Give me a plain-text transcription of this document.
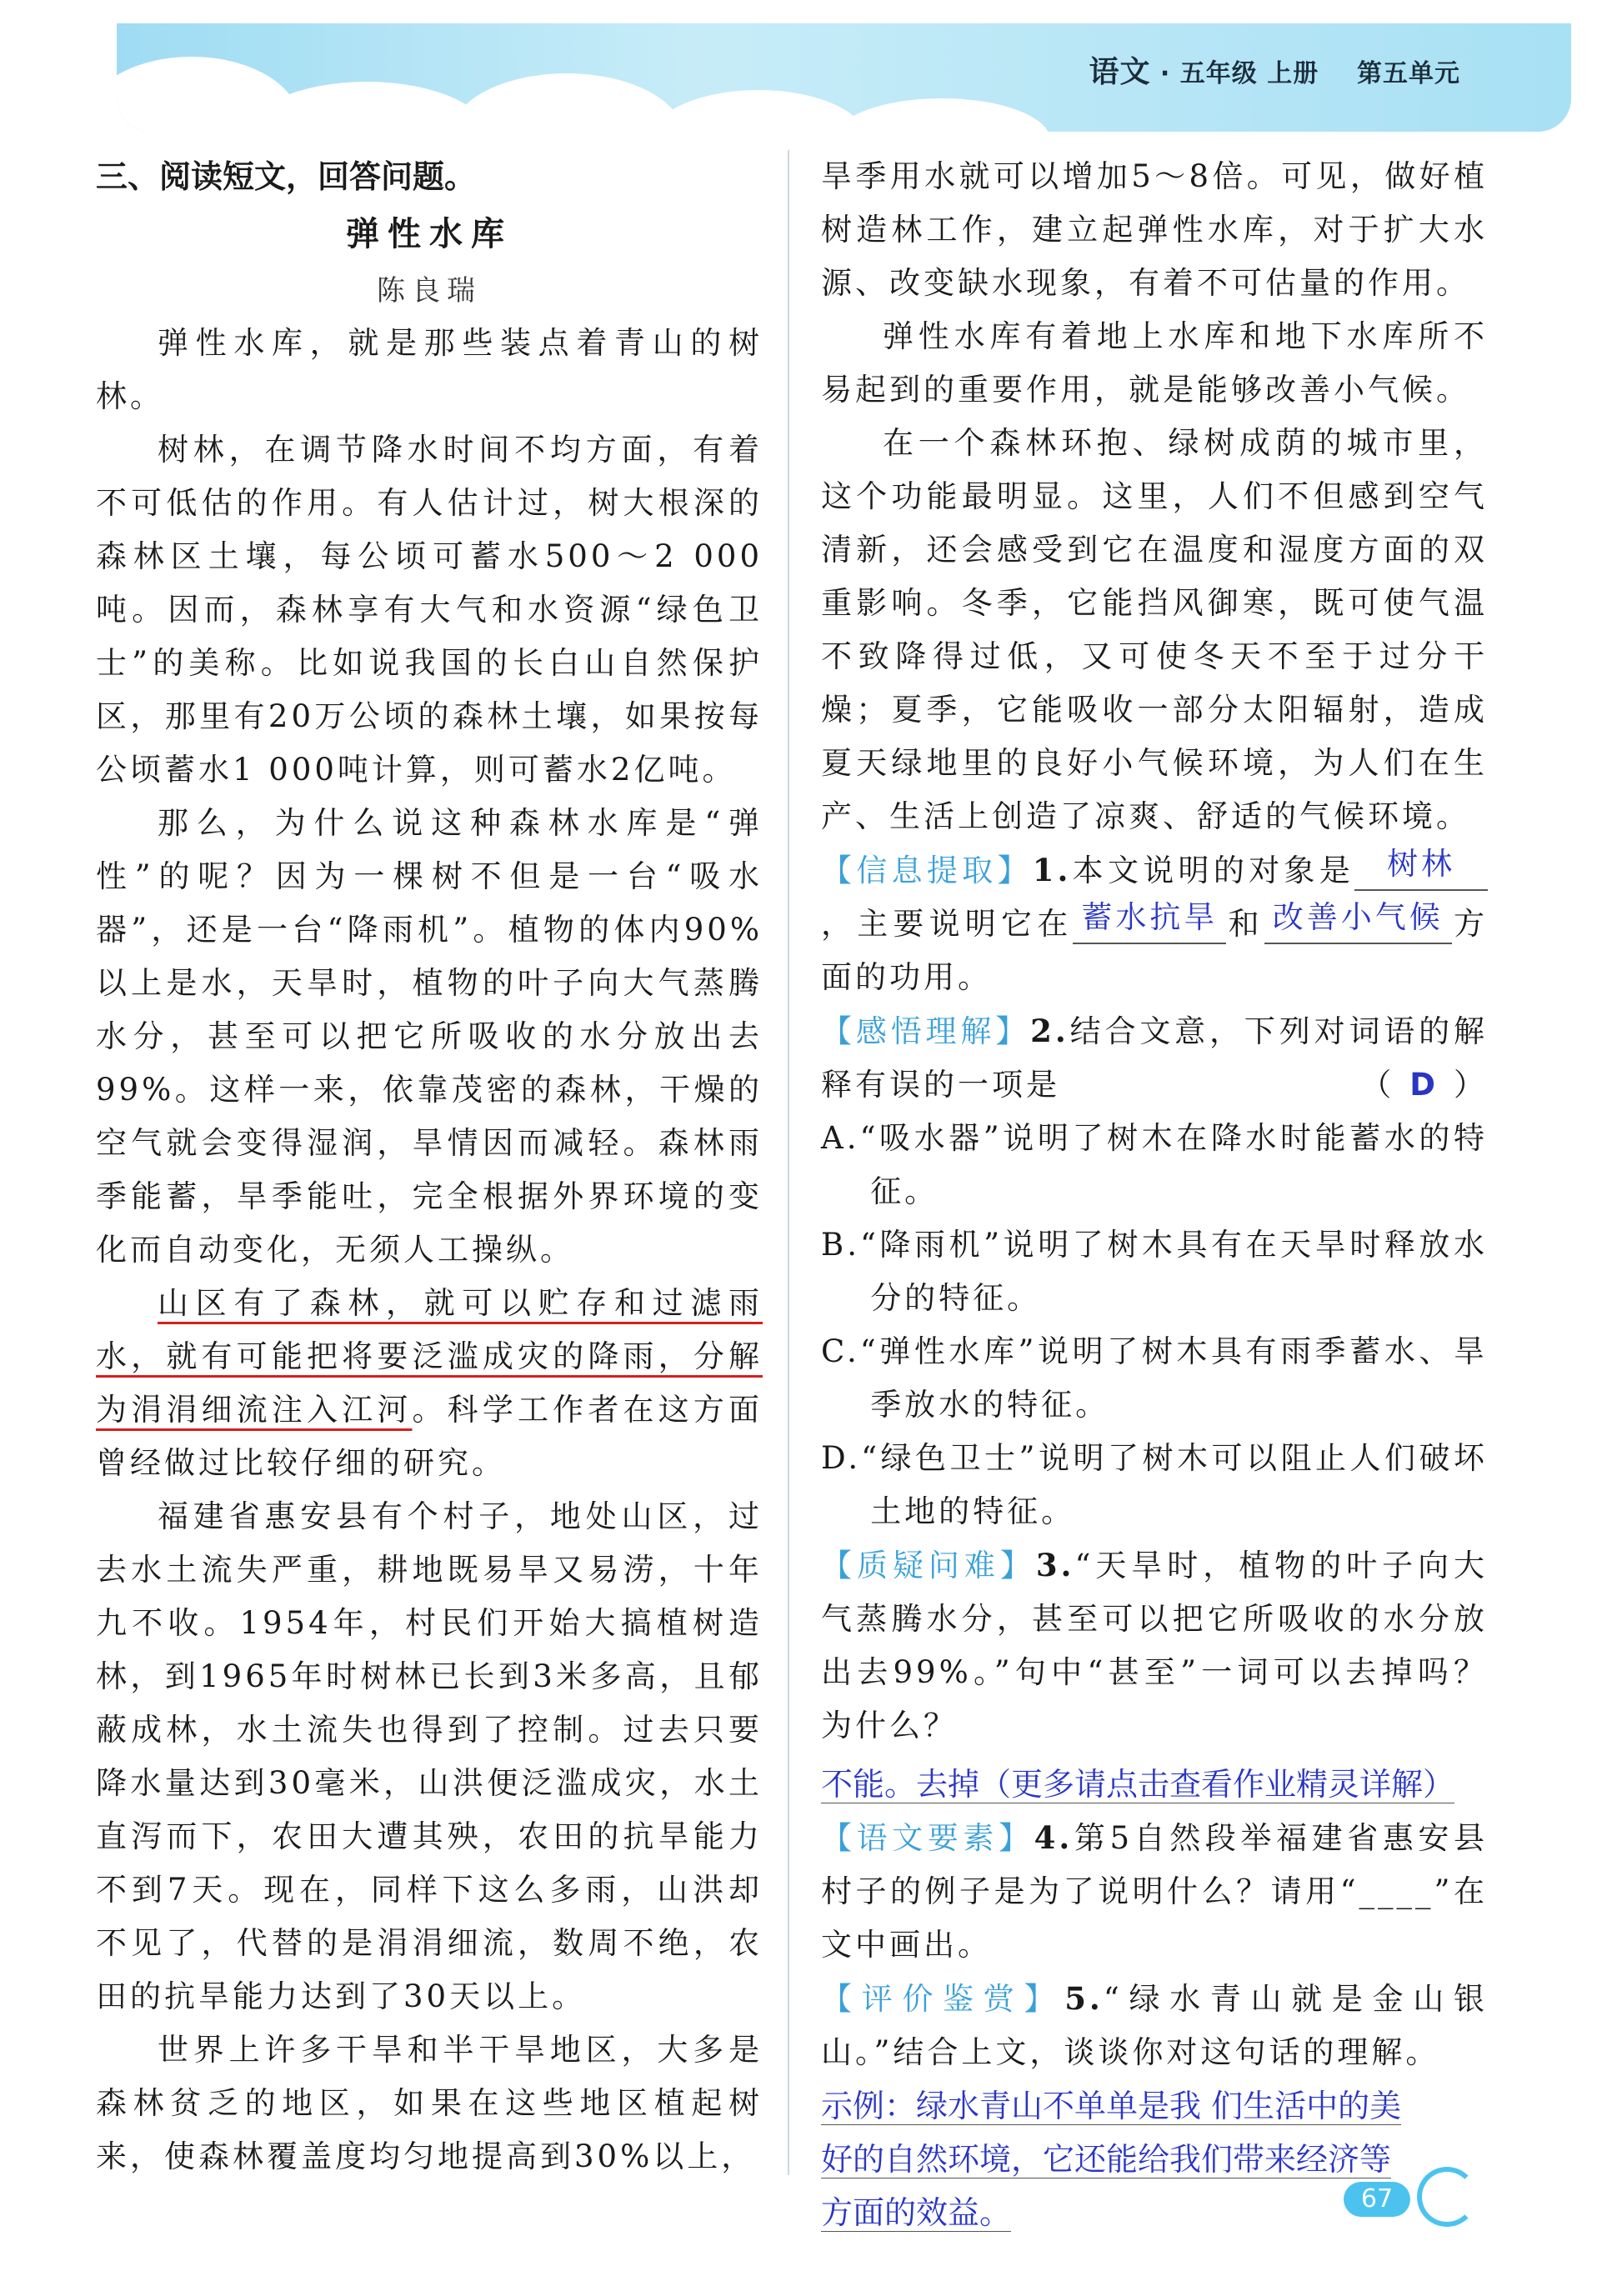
语文 · 五年级 上册 第五单元
三、阅读短文，回答问题。
弹性水库
陈良瑞

弹性水库，就是那些装点着青山的树林。

树林，在调节降水时间不均方面，有着不可低估的作用。有人估计过，树大根深的森林区土壤，每公顷可蓄水500～2 000吨。因而，森林享有大气和水资源“绿色卫士”的美称。比如说我国的长白山自然保护区，那里有20万公顷的森林土壤，如果按每公顷蓄水1 000吨计算，则可蓄水2亿吨。

那么，为什么说这种森林水库是“弹性”的呢？因为一棵树不但是一台“吸水器”，还是一台“降雨机”。植物的体内90%以上是水，天旱时，植物的叶子向大气蒸腾水分，甚至可以把它所吸收的水分放出去99%。这样一来，依靠茂密的森林，干燥的空气就会变得湿润，旱情因而减轻。森林雨季能蓄，旱季能吐，完全根据外界环境的变化而自动变化，无须人工操纵。

山区有了森林，就可以贮存和过滤雨水，就有可能把将要泛滥成灾的降雨，分解为涓涓细流注入江河。科学工作者在这方面曾经做过比较仔细的研究。

福建省惠安县有个村子，地处山区，过去水土流失严重，耕地既易旱又易涝，十年九不收。1954年，村民们开始大搞植树造林，到1965年时树林已长到3米多高，且郁蔽成林，水土流失也得到了控制。过去只要降水量达到30毫米，山洪便泛滥成灾，水土直泻而下，农田大遭其殃，农田的抗旱能力不到7天。现在，同样下这么多雨，山洪却不见了，代替的是涓涓细流，数周不绝，农田的抗旱能力达到了30天以上。

世界上许多干旱和半干旱地区，大多是森林贫乏的地区，如果在这些地区植起树来，使森林覆盖度均匀地提高到30%以上，

旱季用水就可以增加5～8倍。可见，做好植树造林工作，建立起弹性水库，对于扩大水源、改变缺水现象，有着不可估量的作用。

弹性水库有着地上水库和地下水库所不易起到的重要作用，就是能够改善小气候。

在一个森林环抱、绿树成荫的城市里，这个功能最明显。这里，人们不但感到空气清新，还会感受到它在温度和湿度方面的双重影响。冬季，它能挡风御寒，既可使气温不致降得过低，又可使冬天不至于过分干燥；夏季，它能吸收一部分太阳辐射，造成夏天绿地里的良好小气候环境，为人们在生产、生活上创造了凉爽、舒适的气候环境。

【信息提取】1.本文说明的对象是 树林，主要说明它在 蓄水抗旱 和 改善小气候 方面的功用。

【感悟理解】2.结合文意，下列对词语的解释有误的一项是	（ D ）

A.“吸水器”说明了树木在降水时能蓄水的特征。

B.“降雨机”说明了树木具有在天旱时释放水分的特征。

C.“弹性水库”说明了树木具有雨季蓄水、旱季放水的特征。

D.“绿色卫士”说明了树木可以阻止人们破坏土地的特征。

【质疑问难】3.“天旱时，植物的叶子向大气蒸腾水分，甚至可以把它所吸收的水分放出去99%。”句中“甚至”一词可以去掉吗？为什么？

不能。去掉（更多请点击查看作业精灵详解）

【语文要素】4.第5自然段举福建省惠安县村子的例子是为了说明什么？请用“____”在文中画出。

【评价鉴赏】5.“绿水青山就是金山银山。”结合上文，谈谈你对这句话的理解。

示例：绿水青山不单单是我 们生活中的美
好的自然环境，它还能给我们带来经济等
方面的效益。	67
